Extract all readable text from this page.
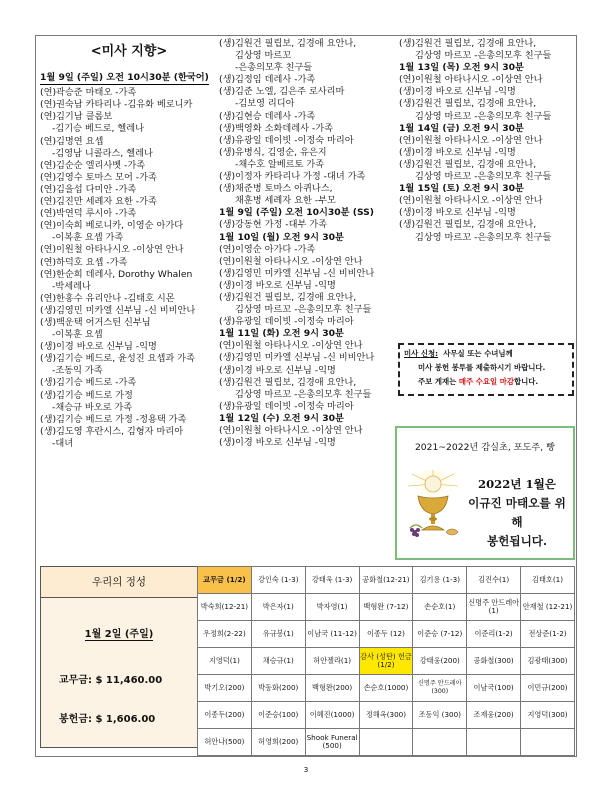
<미사 지향>
1월 9일 (주일) 오전 10시30분 (한국어)
(연)곽승준 마태오 -가족
(연)권숙남 카타리나 -김유화 베로니카
(연)김기남 클롭보
-김기승 베드로, 헬레나
(연)김명연 요셉
-김영남 니콜라스, 헬레나
(연)김순순 엘리사벳 -가족
(연)김영수 토마스 모어 -가족
(연)김을섭 다미안 -가족
(연)김진만 세례자 요한 -가족
(연)박연덕 루시아 -가족
(연)이숙희 베로니카, 이영순 아가다
-이복훈 요셉 가족
(연)이원철 아타나시오 -이상연 안나
(연)하덕호 요셉 -가족
(연)한순희 데레사, Dorothy Whalen
-박세레나
(연)한홍수 유리안나 -김태호 시몬
(생)김영민 미카엘 신부님 -신 비비안나
(생)백운택 어거스틴 신부님
-이복훈 요셉
(생)이경 바오로 신부님 -익명
(생)김기승 베드로, 윤성진 요셉과 가족
-조동익 가족
(생)김기승 베드로 -가족
(생)김기승 베드로 가정
-채승규 바오로 가족
(생)김기승 베드로 가정 -정용택 가족
(생)김도영 후란시스, 김형자 마리아
-대녀
(생)김원건 필립보, 김경애 요안나,
김상영 마르꼬
-은총의모후 친구들
(생)김정임 데레사 -가족
(생)김준 노엘, 김은주 로사리마
-김보영 리디아
(생)김현승 데레사 -가족
(생)백영화 소화데레사 -가족
(생)유광일 데이빗 -이정숙 마리아
(생)유병식, 김영순, 유은지
-채수호 알베르토 가족
(생)이정자 카타리나 가정 -대녀 가족
(생)채준병 토마스 아퀴나스,
채훈병 세례자 요한 -부모
1월 9일 (주일) 오전 10시30분 (SS)
(생)강동현 가정 -대부 가족
1월 10일 (월) 오전 9시 30분
(연)이영순 아가다 -가족
(연)이원철 아타나시오 -이상연 안나
(생)김영민 미카엘 신부님 -신 비비안나
(생)이경 바오로 신부님 -익명
(생)김원건 필립보, 김경애 요안나,
김상영 마르꼬 -은총의모후 친구들
(생)유광일 데이빗 -이정숙 마리아
1월 11일 (화) 오전 9시 30분
(연)이원철 아타나시오 -이상연 안나
(생)김영민 미카엘 신부님 -신 비비안나
(생)이경 바오로 신부님 -익명
(생)김원건 필립보, 김경애 요안나,
김상영 마르꼬 -은총의모후 친구들
(생)유광일 데이빗 -이정숙 마리아
1월 12일 (수) 오전 9시 30분
(연)이원철 아타나시오 -이상연 안나
(생)이경 바오로 신부님 -익명
(생)김원건 필립보, 김경애 요안나,
김상영 마르꼬 -은총의모후 친구들
1월 13일 (목) 오전 9시 30분
(연)이원철 아타나시오 -이상연 안나
(생)이경 바오로 신부님 -익명
(생)김원건 필립보, 김경애 요안나,
김상영 마르꼬 -은총의모후 친구들
1월 14일 (금) 오전 9시 30분
(연)이원철 아타나시오 -이상연 안나
(생)이경 바오로 신부님 -익명
(생)김원건 필립보, 김경애 요안나,
김상영 마르꼬 -은총의모후 친구들
1월 15일 (토) 오전 9시 30분
(연)이원철 아타나시오 -이상연 안나
(생)이경 바오로 신부님 -익명
(생)김원건 필립보, 김경애 요안나,
김상영 마르꼬 -은총의모후 친구들
미사 신청: 사무실 또는 수녀님께
미사 봉헌 봉투를 제출하시기 바랍니다.
주보 게재는 매주 수요일 마감합니다.
2021~2022년 감실초, 포도주, 빵
2022년 1월은
이규진 마태오를 위해
봉헌됩니다.
우리의 정성
1월 2일 (주일)
교무금: $ 11,460.00
봉헌금: $ 1,606.00
교무금 (1/2)	강인숙 (1-3)	강태욱 (1-3)	공화철(12-21)	김기용 (1-3)	김진수(1)	김태호(1)
박숙희(12-21)	박은자(1)	박자영(1)	백형완 (7-12)	손순호(1)	신명주 안드레아 (1)	안재철 (12-21)
우정희(2-22)	유규봉(1)	이남국 (11-12)	이종두 (12)	이준승 (7-12)	이준리(1-2)	전상준(1-2)
지영덕(1)	채승규(1)	허안젤라(1)	감사 (성탄) 헌금 (1/2)	강태웅(200)	공화철(300)	김광태(300)
박기오(200)	박동화(200)	백형완(200)	손순호(1000)	신명주 안드레아 (300)	이남국(100)	이민규(200)
이종두(200)	이준승(100)	이혜진(1000)	정해옥(300)	조동익 (300)	조재웅(200)	지영덕(300)
허안나(500)	허영희(200)	Shook Funeral (500)				
3
